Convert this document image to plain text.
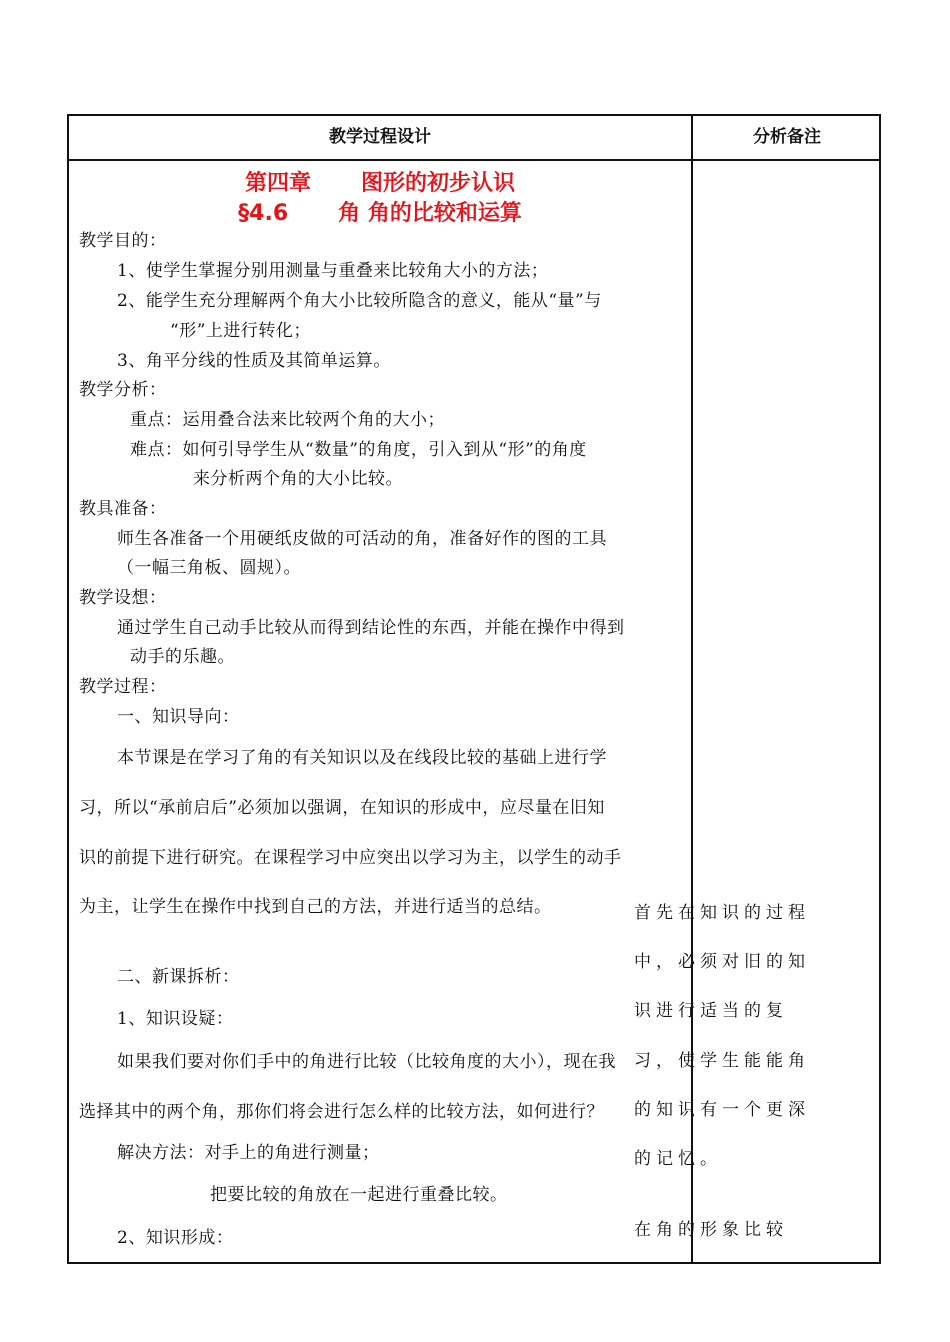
教学过程设计	分析备注
第四章 图形的初步认识
§4.6 角 角的比较和运算
教学目的：
1、使学生掌握分别用测量与重叠来比较角大小的方法；
2、能学生充分理解两个角大小比较所隐含的意义，能从“量”与
“形”上进行转化；
3、角平分线的性质及其简单运算。
教学分析：
重点：运用叠合法来比较两个角的大小；
难点：如何引导学生从“数量”的角度，引入到从“形”的角度
来分析两个角的大小比较。
教具准备：
师生各准备一个用硬纸皮做的可活动的角，准备好作的图的工具
（一幅三角板、圆规）。
教学设想：
通过学生自己动手比较从而得到结论性的东西，并能在操作中得到
动手的乐趣。
教学过程：
一、知识导向：
本节课是在学习了角的有关知识以及在线段比较的基础上进行学
习，所以“承前启后”必须加以强调，在知识的形成中，应尽量在旧知
识的前提下进行研究。在课程学习中应突出以学习为主，以学生的动手
为主，让学生在操作中找到自己的方法，并进行适当的总结。
二、新课拆析：
1、知识设疑：
如果我们要对你们手中的角进行比较（比较角度的大小），现在我
选择其中的两个角，那你们将会进行怎么样的比较方法，如何进行？
解决方法：对手上的角进行测量；
把要比较的角放在一起进行重叠比较。
2、知识形成：
首先在知识的过程
中，必须对旧的知
识进行适当的复
习，使学生能能角
的知识有一个更深
的记忆。
在角的形象比较
